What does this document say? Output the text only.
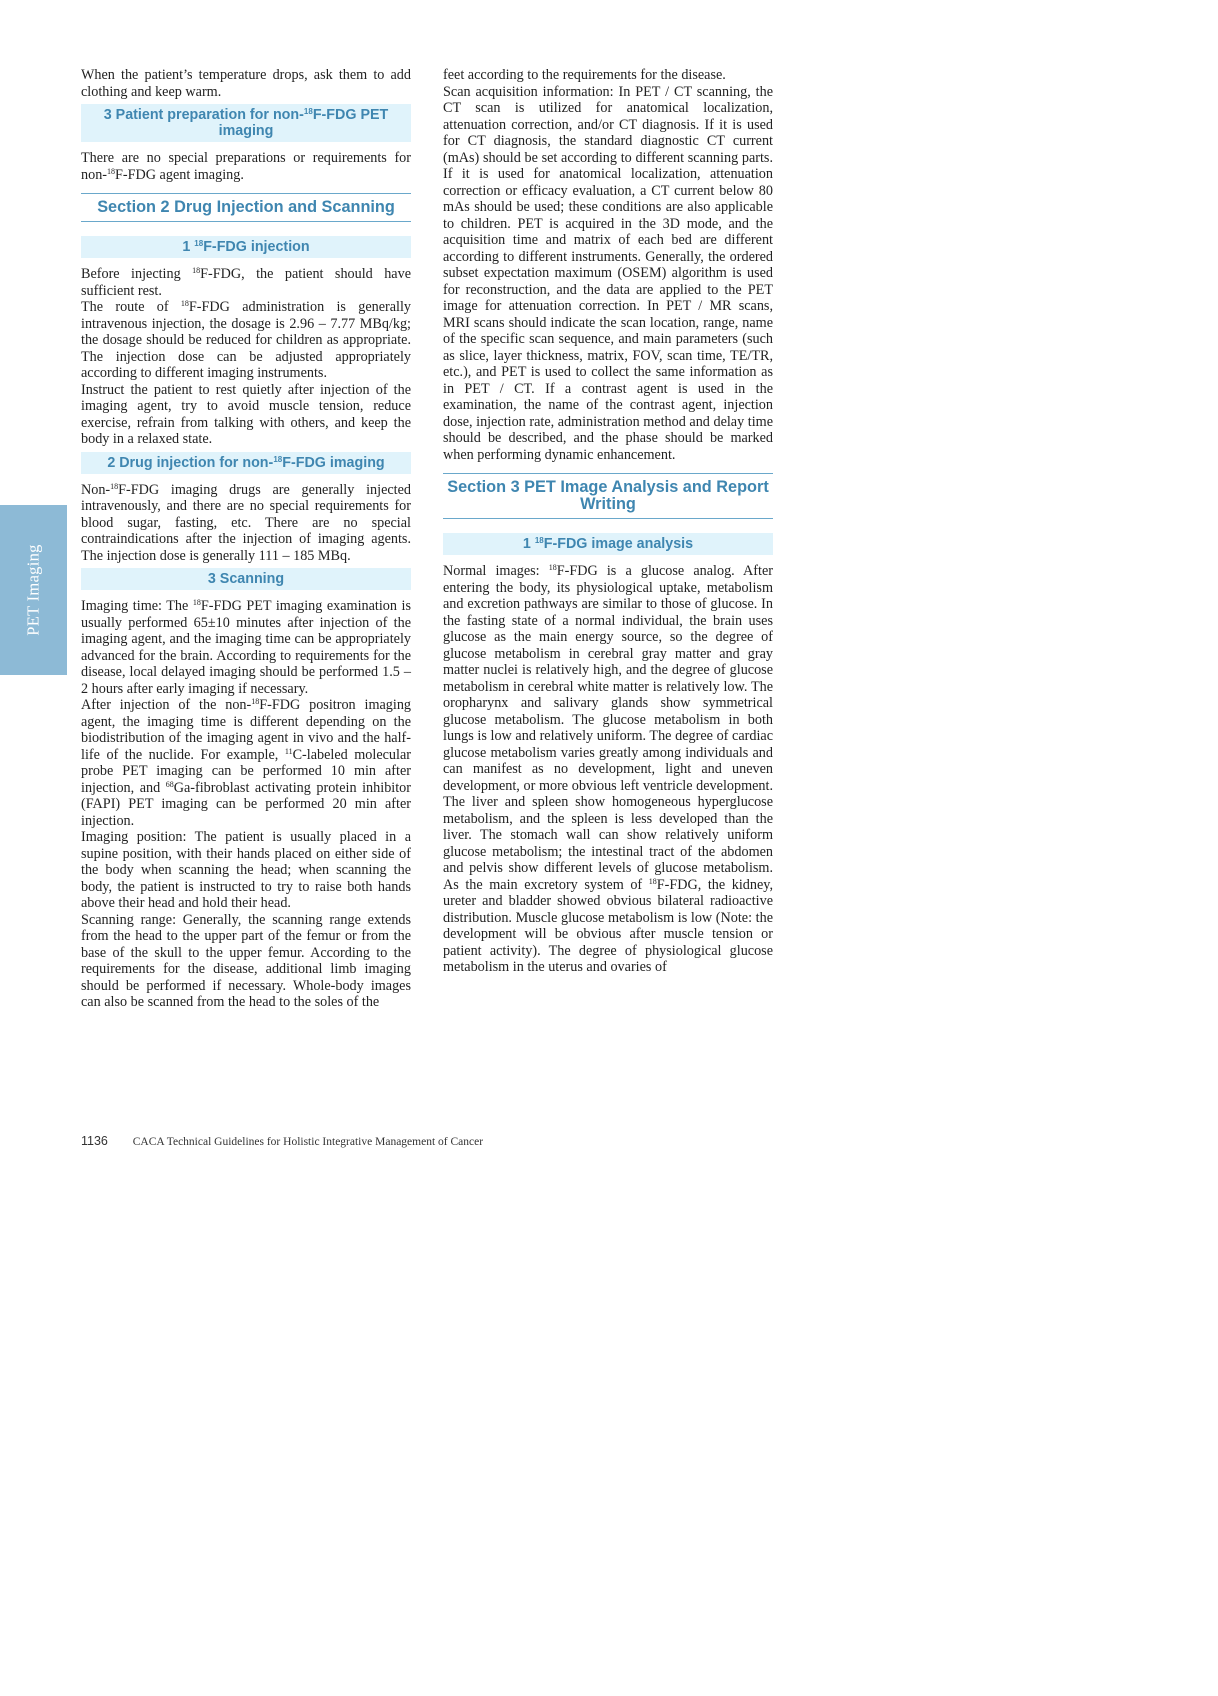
PET Imaging

When the patient’s temperature drops, ask them to add clothing and keep warm.

3 Patient preparation for non-$^{18}$F-FDG PET imaging

There are no special preparations or requirements for non-$^{18}$F-FDG agent imaging.

Section 2 Drug Injection and Scanning
1 $^{18}$F-FDG injection

Before injecting $^{18}$F-FDG, the patient should have sufficient rest.

The route of $^{18}$F-FDG administration is generally intravenous injection, the dosage is 2.96 – 7.77 MBq/kg; the dosage should be reduced for children as appropriate. The injection dose can be adjusted appropriately according to different imaging instruments.

Instruct the patient to rest quietly after injection of the imaging agent, try to avoid muscle tension, reduce exercise, refrain from talking with others, and keep the body in a relaxed state.

2 Drug injection for non-$^{18}$F-FDG imaging

Non-$^{18}$F-FDG imaging drugs are generally injected intravenously, and there are no special requirements for blood sugar, fasting, etc. There are no special contraindications after the injection of imaging agents. The injection dose is generally 111 – 185 MBq.

3 Scanning

Imaging time: The $^{18}$F-FDG PET imaging examination is usually performed 65±10 minutes after injection of the imaging agent, and the imaging time can be appropriately advanced for the brain. According to requirements for the disease, local delayed imaging should be performed 1.5 – 2 hours after early imaging if necessary.

After injection of the non-$^{18}$F-FDG positron imaging agent, the imaging time is different depending on the biodistribution of the imaging agent in vivo and the half-life of the nuclide. For example, $^{11}$C-labeled molecular probe PET imaging can be performed 10 min after injection, and $^{68}$Ga-fibroblast activating protein inhibitor (FAPI) PET imaging can be performed 20 min after injection.

Imaging position: The patient is usually placed in a supine position, with their hands placed on either side of the body when scanning the head; when scanning the body, the patient is instructed to try to raise both hands above their head and hold their head.

Scanning range: Generally, the scanning range extends from the head to the upper part of the femur or from the base of the skull to the upper femur. According to the requirements for the disease, additional limb imaging should be performed if necessary. Whole-body images can also be scanned from the head to the soles of the

feet according to the requirements for the disease.

Scan acquisition information: In PET / CT scanning, the CT scan is utilized for anatomical localization, attenuation correction, and/or CT diagnosis. If it is used for CT diagnosis, the standard diagnostic CT current (mAs) should be set according to different scanning parts. If it is used for anatomical localization, attenuation correction or efficacy evaluation, a CT current below 80 mAs should be used; these conditions are also applicable to children. PET is acquired in the 3D mode, and the acquisition time and matrix of each bed are different according to different instruments. Generally, the ordered subset expectation maximum (OSEM) algorithm is used for reconstruction, and the data are applied to the PET image for attenuation correction. In PET / MR scans, MRI scans should indicate the scan location, range, name of the specific scan sequence, and main parameters (such as slice, layer thickness, matrix, FOV, scan time, TE/TR, etc.), and PET is used to collect the same information as in PET / CT. If a contrast agent is used in the examination, the name of the contrast agent, injection dose, injection rate, administration method and delay time should be described, and the phase should be marked when performing dynamic enhancement.

Section 3 PET Image Analysis and Report Writing
1 $^{18}$F-FDG image analysis

Normal images: $^{18}$F-FDG is a glucose analog. After entering the body, its physiological uptake, metabolism and excretion pathways are similar to those of glucose. In the fasting state of a normal individual, the brain uses glucose as the main energy source, so the degree of glucose metabolism in cerebral gray matter and gray matter nuclei is relatively high, and the degree of glucose metabolism in cerebral white matter is relatively low. The oropharynx and salivary glands show symmetrical glucose metabolism. The glucose metabolism in both lungs is low and relatively uniform. The degree of cardiac glucose metabolism varies greatly among individuals and can manifest as no development, light and uneven development, or more obvious left ventricle development. The liver and spleen show homogeneous hyperglucose metabolism, and the spleen is less developed than the liver. The stomach wall can show relatively uniform glucose metabolism; the intestinal tract of the abdomen and pelvis show different levels of glucose metabolism. As the main excretory system of $^{18}$F-FDG, the kidney, ureter and bladder showed obvious bilateral radioactive distribution. Muscle glucose metabolism is low (Note: the development will be obvious after muscle tension or patient activity). The degree of physiological glucose metabolism in the uterus and ovaries of

1136 CACA Technical Guidelines for Holistic Integrative Management of Cancer
